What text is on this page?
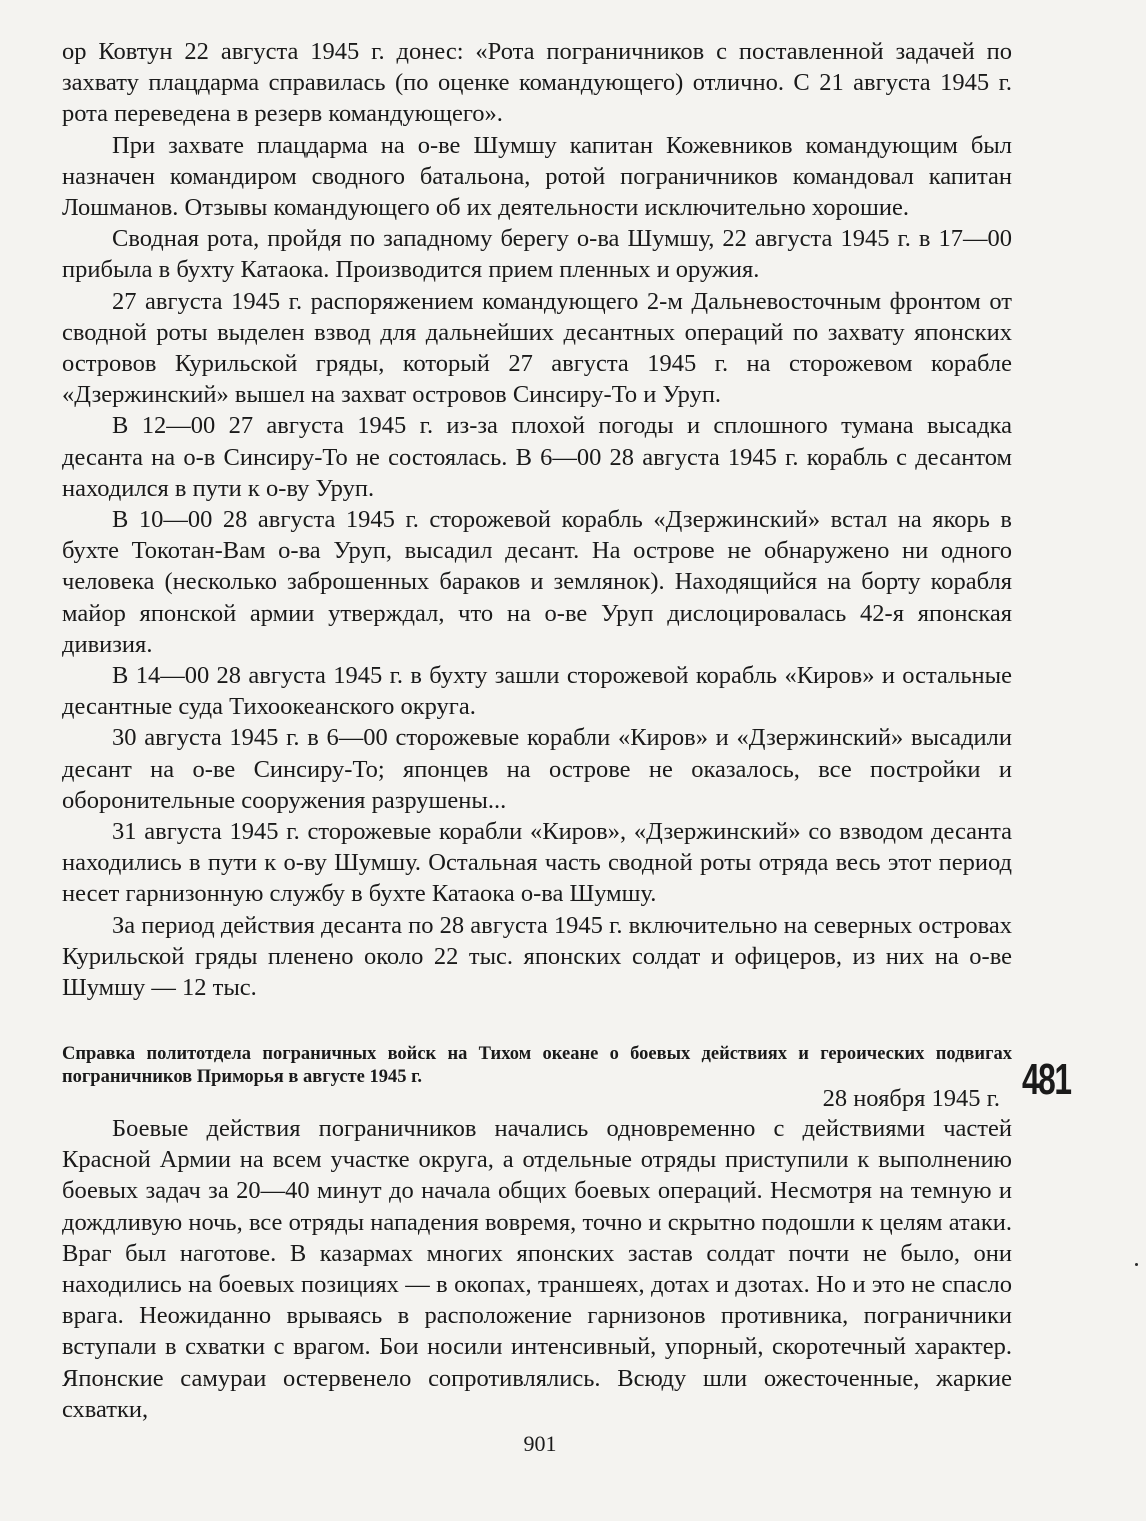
ор Ковтун 22 августа 1945 г. донес: «Рота пограничников с поставленной задачей по захвату плацдарма справилась (по оценке командующего) отлично. С 21 августа 1945 г. рота переведена в резерв командующего».

При захвате плацдарма на о-ве Шумшу капитан Кожевников командующим был назначен командиром сводного батальона, ротой пограничников командовал капитан Лошманов. Отзывы командующего об их деятельности исключительно хорошие.

Сводная рота, пройдя по западному берегу о-ва Шумшу, 22 августа 1945 г. в 17—00 прибыла в бухту Катаока. Производится прием пленных и оружия.

27 августа 1945 г. распоряжением командующего 2-м Дальневосточным фронтом от сводной роты выделен взвод для дальнейших десантных операций по захвату японских островов Курильской гряды, который 27 августа 1945 г. на сторожевом корабле «Дзержинский» вышел на захват островов Синсиру-То и Уруп.

В 12—00 27 августа 1945 г. из-за плохой погоды и сплошного тумана высадка десанта на о-в Синсиру-То не состоялась. В 6—00 28 августа 1945 г. корабль с десантом находился в пути к о-ву Уруп.

В 10—00 28 августа 1945 г. сторожевой корабль «Дзержинский» встал на якорь в бухте Токотан-Вам о-ва Уруп, высадил десант. На острове не обнаружено ни одного человека (несколько заброшенных бараков и землянок). Находящийся на борту корабля майор японской армии утверждал, что на о-ве Уруп дислоцировалась 42-я японская дивизия.

В 14—00 28 августа 1945 г. в бухту зашли сторожевой корабль «Киров» и остальные десантные суда Тихоокеанского округа.

30 августа 1945 г. в 6—00 сторожевые корабли «Киров» и «Дзержинский» высадили десант на о-ве Синсиру-То; японцев на острове не оказалось, все постройки и оборонительные сооружения разрушены...

31 августа 1945 г. сторожевые корабли «Киров», «Дзержинский» со взводом десанта находились в пути к о-ву Шумшу. Остальная часть сводной роты отряда весь этот период несет гарнизонную службу в бухте Катаока о-ва Шумшу.

За период действия десанта по 28 августа 1945 г. включительно на северных островах Курильской гряды пленено около 22 тыс. японских солдат и офицеров, из них на о-ве Шумшу — 12 тыс.

Справка политотдела пограничных войск на Тихом океане о боевых действиях и героических подвигах пограничников Приморья в августе 1945 г.	481
28 ноября 1945 г.

Боевые действия пограничников начались одновременно с действиями частей Красной Армии на всем участке округа, а отдельные отряды приступили к выполнению боевых задач за 20—40 минут до начала общих боевых операций. Несмотря на темную и дождливую ночь, все отряды нападения вовремя, точно и скрытно подошли к целям атаки. Враг был наготове. В казармах многих японских застав солдат почти не было, они находились на боевых позициях — в окопах, траншеях, дотах и дзотах. Но и это не спасло врага. Неожиданно врываясь в расположение гарнизонов противника, пограничники вступали в схватки с врагом. Бои носили интенсивный, упорный, скоротечный характер. Японские самураи остервенело сопротивлялись. Всюду шли ожесточенные, жаркие схватки,

901
